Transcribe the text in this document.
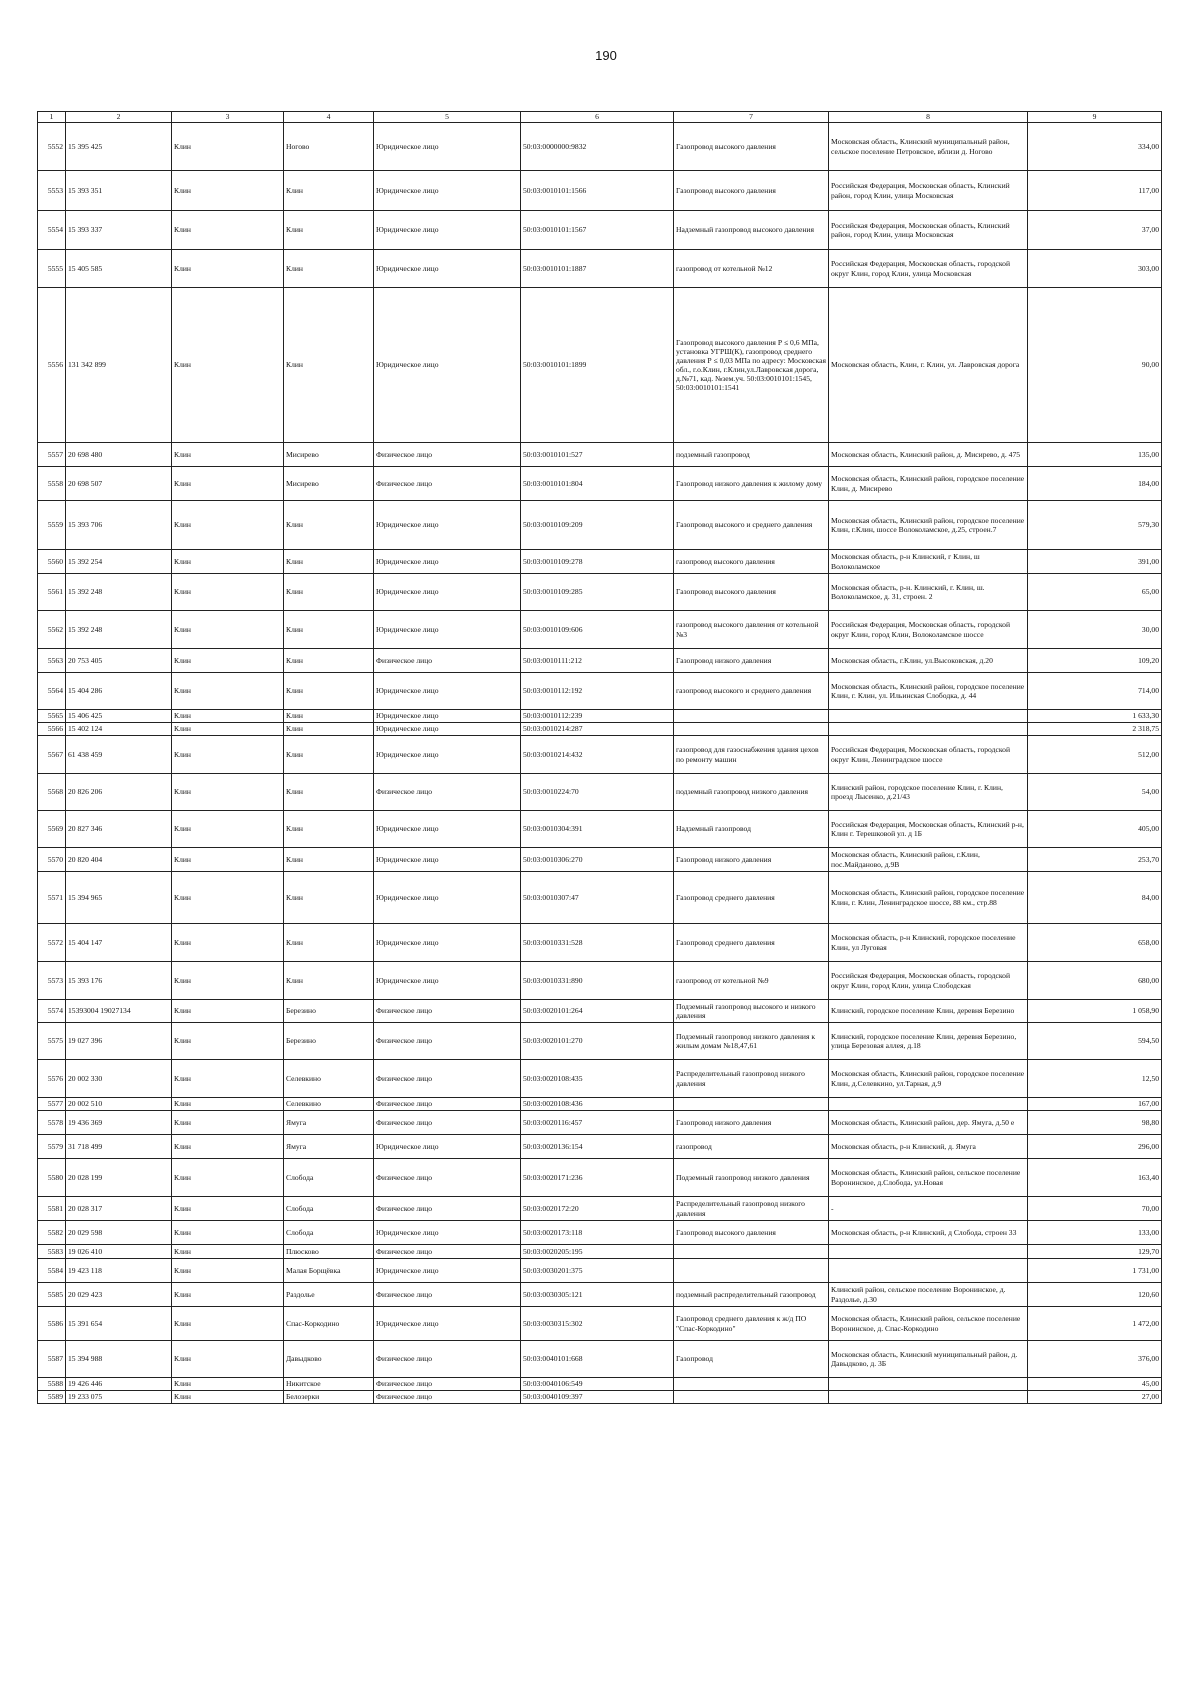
190
1	2	3	4	5	6	7	8	9
5552	15 395 425	Клин	Ногово	Юридическое лицо	50:03:0000000:9832	Газопровод высокого давления	Московская область, Клинский муниципальный район, сельское поселение Петровское, вблизи д. Ногово	334,00
5553	15 393 351	Клин	Клин	Юридическое лицо	50:03:0010101:1566	Газопровод высокого давления	Российская Федерация, Московская область, Клинский район, город Клин, улица Московская	117,00
5554	15 393 337	Клин	Клин	Юридическое лицо	50:03:0010101:1567	Надземный газопровод высокого давления	Российская Федерация, Московская область, Клинский район, город Клин, улица Московская	37,00
5555	15 405 585	Клин	Клин	Юридическое лицо	50:03:0010101:1887	газопровод от котельной №12	Российская Федерация, Московская область, городской округ Клин, город Клин, улица Московская	303,00
5556	131 342 899	Клин	Клин	Юридическое лицо	50:03:0010101:1899	Газопровод высокого давления Р ≤ 0,6 МПа, установка УГРШ(К), газопровод среднего давления Р ≤ 0,03 МПа по адресу: Московская обл., г.о.Клин, г.Клин,ул.Лавровская дорога, д.№71, кад. №зем.уч. 50:03:0010101:1545, 50:03:0010101:1541	Московская область, Клин, г. Клин, ул. Лавровская дорога	90,00
5557	20 698 480	Клин	Мисирево	Физическое лицо	50:03:0010101:527	подземный газопровод	Московская область, Клинский район, д. Мисирево, д. 475	135,00
5558	20 698 507	Клин	Мисирево	Физическое лицо	50:03:0010101:804	Газопровод низкого давления к жилому дому	Московская область, Клинский район, городское поселение Клин, д. Мисирево	184,00
5559	15 393 706	Клин	Клин	Юридическое лицо	50:03:0010109:209	Газопровод высокого и среднего давления	Московская область, Клинский район, городское поселение Клин, г.Клин, шоссе Волоколамское, д.25, строен.7	579,30
5560	15 392 254	Клин	Клин	Юридическое лицо	50:03:0010109:278	газопровод высокого давления	Московская область, р-н Клинский, г Клин, ш Волоколамское	391,00
5561	15 392 248	Клин	Клин	Юридическое лицо	50:03:0010109:285	Газопровод высокого давления	Московская область, р-н. Клинский, г. Клин, ш. Волоколамское, д. 31, строен. 2	65,00
5562	15 392 248	Клин	Клин	Юридическое лицо	50:03:0010109:606	газопровод высокого давления от котельной №3	Российская Федерация, Московская область, городской округ Клин, город Клин, Волоколамское шоссе	30,00
5563	20 753 405	Клин	Клин	Физическое лицо	50:03:0010111:212	Газопровод низкого давления	Московская область, г.Клин, ул.Высоковская, д.20	109,20
5564	15 404 286	Клин	Клин	Юридическое лицо	50:03:0010112:192	газопровод высокого и среднего давления	Московская область, Клинский район, городское поселение Клин, г. Клин, ул. Ильинская Слободка, д. 44	714,00
5565	15 406 425	Клин	Клин	Юридическое лицо	50:03:0010112:239			1 633,30
5566	15 402 124	Клин	Клин	Юридическое лицо	50:03:0010214:287			2 318,75
5567	61 438 459	Клин	Клин	Юридическое лицо	50:03:0010214:432	газопровод для газоснабжения здания цехов по ремонту машин	Российская Федерация, Московская область, городской округ Клин, Ленинградское шоссе	512,00
5568	20 826 206	Клин	Клин	Физическое лицо	50:03:0010224:70	подземный газопровод низкого давления	Клинский район, городское поселение Клин, г. Клин, проезд Лысенко, д.21/43	54,00
5569	20 827 346	Клин	Клин	Юридическое лицо	50:03:0010304:391	Надземный газопровод	Российская Федерация, Московская область, Клинский р-н, Клин г. Терешковой ул. д 1Б	405,00
5570	20 820 404	Клин	Клин	Юридическое лицо	50:03:0010306:270	Газопровод низкого давления	Московская область, Клинский район, г.Клин, пос.Майданово, д.9В	253,70
5571	15 394 965	Клин	Клин	Юридическое лицо	50:03:0010307:47	Газопровод среднего давления	Московская область, Клинский район, городское поселение Клин, г. Клин, Ленинградское шоссе, 88 км., стр.88	84,00
5572	15 404 147	Клин	Клин	Юридическое лицо	50:03:0010331:528	Газопровод среднего давления	Московская область, р-н Клинский, городское поселение Клин, ул Луговая	658,00
5573	15 393 176	Клин	Клин	Юридическое лицо	50:03:0010331:890	газопровод от котельной №9	Российская Федерация, Московская область, городской округ Клин, город Клин, улица Слободская	680,00
5574	15393004 19027134	Клин	Березино	Физическое лицо	50:03:0020101:264	Подземный газопровод высокого и низкого давления	Клинский, городское поселение Клин, деревня Березино	1 058,90
5575	19 027 396	Клин	Березино	Физическое лицо	50:03:0020101:270	Подземный газопровод низкого давления к жилым домам №18,47,61	Клинский, городское поселение Клин, деревня Березино, улица Березовая аллея, д.18	594,50
5576	20 002 330	Клин	Селевкино	Физическое лицо	50:03:0020108:435	Распределительный газопровод низкого давления	Московская область, Клинский район, городское поселение Клин, д.Селевкино, ул.Тарная, д.9	12,50
5577	20 002 510	Клин	Селевкино	Физическое лицо	50:03:0020108:436			167,00
5578	19 436 369	Клин	Ямуга	Физическое лицо	50:03:0020116:457	Газопровод низкого давления	Московская область, Клинский район, дер. Ямуга, д.50 е	98,80
5579	31 718 499	Клин	Ямуга	Юридическое лицо	50:03:0020136:154	газопровод	Московская область, р-н Клинский, д. Ямуга	296,00
5580	20 028 199	Клин	Слобода	Физическое лицо	50:03:0020171:236	Подземный газопровод низкого давления	Московская область, Клинский район, сельское поселение Воронинское, д.Слобода, ул.Новая	163,40
5581	20 028 317	Клин	Слобода	Физическое лицо	50:03:0020172:20	Распределительный газопровод низкого давления	-	70,00
5582	20 029 598	Клин	Слобода	Юридическое лицо	50:03:0020173:118	Газопровод высокого давления	Московская область, р-н Клинский, д Слобода, строен 33	133,00
5583	19 026 410	Клин	Плюсково	Физическое лицо	50:03:0020205:195			129,70
5584	19 423 118	Клин	Малая Борщёвка	Юридическое лицо	50:03:0030201:375			1 731,00
5585	20 029 423	Клин	Раздолье	Физическое лицо	50:03:0030305:121	подземный распределительный газопровод	Клинский район, сельское поселение Воронинское, д. Раздолье, д.30	120,60
5586	15 391 654	Клин	Спас-Коркодино	Юридическое лицо	50:03:0030315:302	Газопровод среднего давления к ж/д ПО "Спас-Коркодино"	Московская область, Клинский район, сельское поселение Воронинское, д. Спас-Коркодино	1 472,00
5587	15 394 988	Клин	Давыдково	Физическое лицо	50:03:0040101:668	Газопровод	Московская область, Клинский муниципальный район, д. Давыдково, д. 3Б	376,00
5588	19 426 446	Клин	Никитское	Физическое лицо	50:03:0040106:549			45,00
5589	19 233 075	Клин	Белозерки	Физическое лицо	50:03:0040109:397			27,00
